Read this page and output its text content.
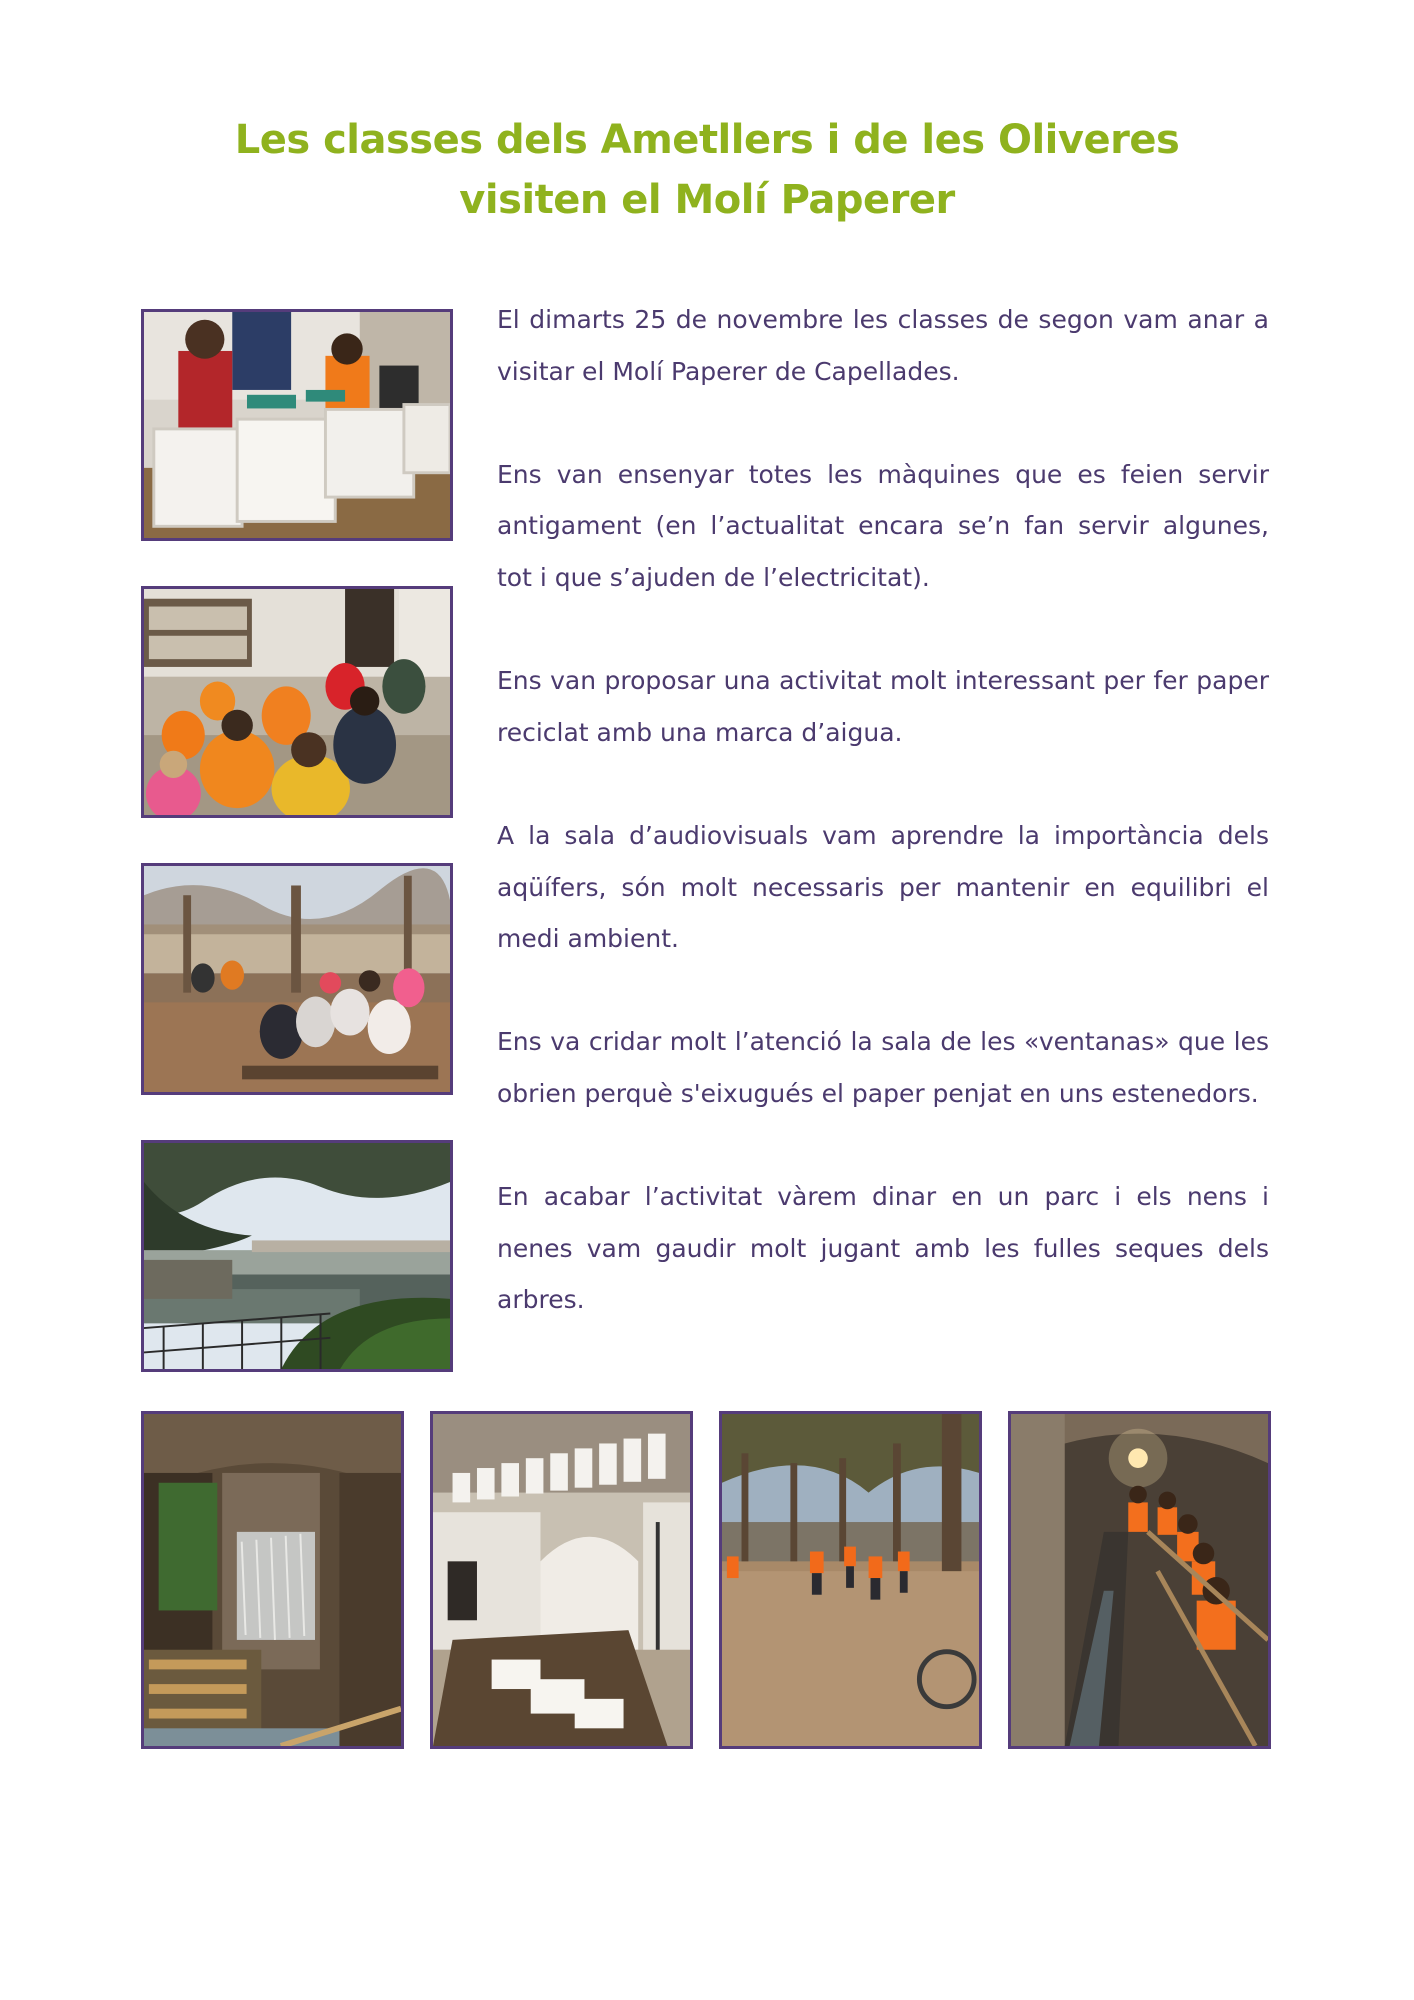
Les classes dels Ametllers i de les Oliveres
visiten el Molí Paperer

El dimarts 25 de novembre les classes de segon vam anar a visitar el Molí Paperer de Capellades.

Ens van ensenyar totes les màquines que es feien servir antigament (en l’actualitat encara se’n fan servir algunes, tot i que s’ajuden de l’electricitat).

Ens van proposar una activitat molt interessant per fer paper reciclat amb una marca d’aigua.

A la sala d’audiovisuals vam aprendre la importància dels aqüífers, són molt necessaris per mantenir en equilibri el medi ambient.

Ens va cridar molt l’atenció la sala de les «ventanas» que les obrien perquè s'eixugués el paper penjat en uns estenedors.

En acabar l’activitat vàrem dinar en un parc i els nens i nenes vam gaudir molt jugant amb les fulles seques dels arbres.
